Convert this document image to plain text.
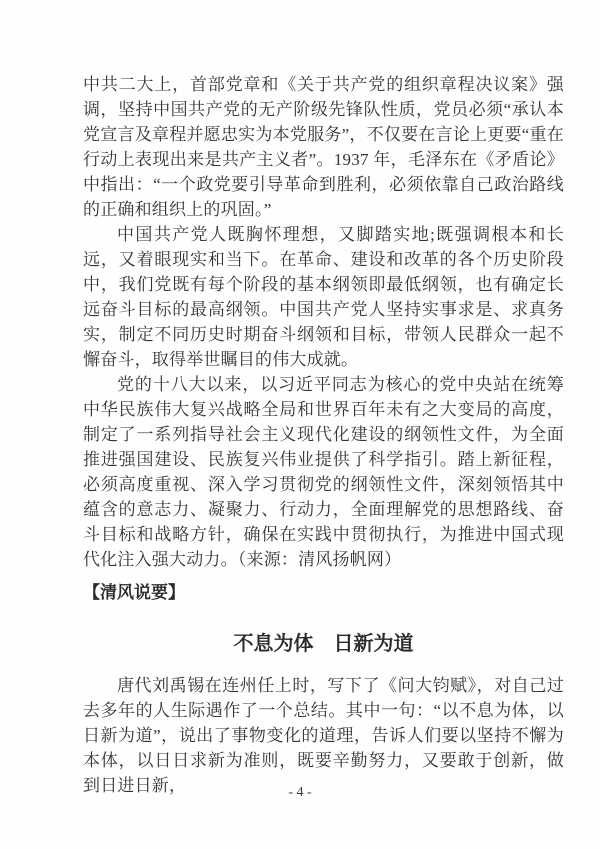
中共二大上，首部党章和《关于共产党的组织章程决议案》强调，坚持中国共产党的无产阶级先锋队性质，党员必须“承认本党宣言及章程并愿忠实为本党服务”，不仅要在言论上更要“重在行动上表现出来是共产主义者”。1937 年，毛泽东在《矛盾论》中指出：“一个政党要引导革命到胜利，必须依靠自己政治路线的正确和组织上的巩固。”

中国共产党人既胸怀理想，又脚踏实地;既强调根本和长远，又着眼现实和当下。在革命、建设和改革的各个历史阶段中，我们党既有每个阶段的基本纲领即最低纲领，也有确定长远奋斗目标的最高纲领。中国共产党人坚持实事求是、求真务实，制定不同历史时期奋斗纲领和目标，带领人民群众一起不懈奋斗，取得举世瞩目的伟大成就。

党的十八大以来，以习近平同志为核心的党中央站在统筹中华民族伟大复兴战略全局和世界百年未有之大变局的高度，制定了一系列指导社会主义现代化建设的纲领性文件，为全面推进强国建设、民族复兴伟业提供了科学指引。踏上新征程，必须高度重视、深入学习贯彻党的纲领性文件，深刻领悟其中蕴含的意志力、凝聚力、行动力，全面理解党的思想路线、奋斗目标和战略方针，确保在实践中贯彻执行，为推进中国式现代化注入强大动力。（来源：清风扬帆网）

【清风说要】

不息为体　日新为道

唐代刘禹锡在连州任上时，写下了《问大钧赋》，对自己过去多年的人生际遇作了一个总结。其中一句：“以不息为体，以日新为道”，说出了事物变化的道理，告诉人们要以坚持不懈为本体，以日日求新为准则，既要辛勤努力，又要敢于创新，做到日进日新，	- 4 -
